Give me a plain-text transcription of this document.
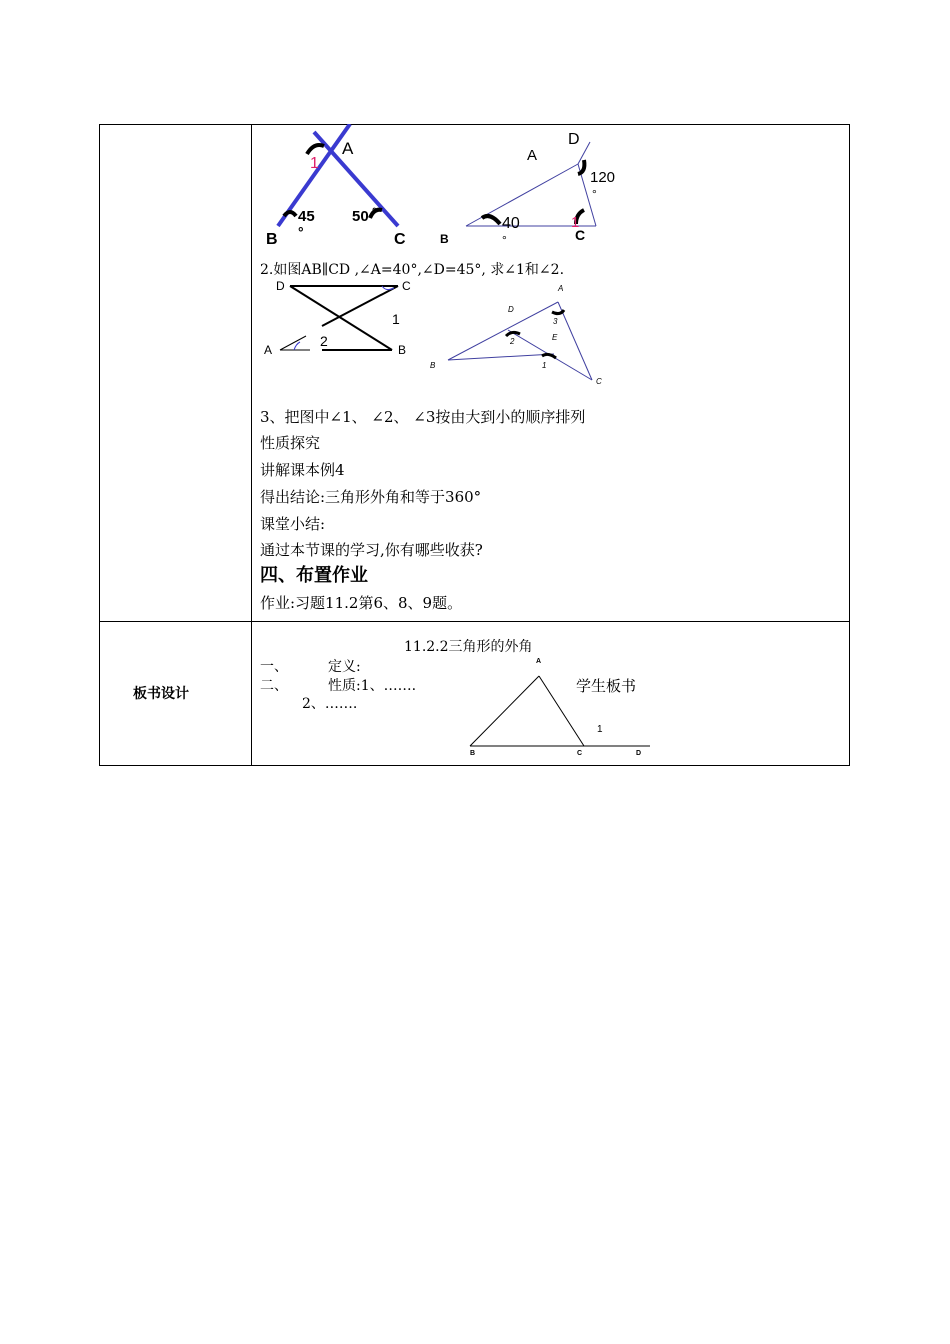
1
A
45
°
50 °
B	C
D
A
120
°
40
°
1
B	C
2.如图AB∥CD ,∠A=40°,∠D=45°, 求∠1和∠2.
D	C
1
A
2
B
A
D
3
2	E
1
B
C
3、把图中∠1、 ∠2、 ∠3按由大到小的顺序排列
性质探究
讲解课本例4
得出结论:三角形外角和等于360°
课堂小结:
通过本节课的学习,你有哪些收获?
四、布置作业
作业:习题11.2第6、8、9题。
板书设计
11.2.2三角形的外角
一、	定义:
二、	性质:1、…….
2、…….
学生板书
A
B	C	D
1
